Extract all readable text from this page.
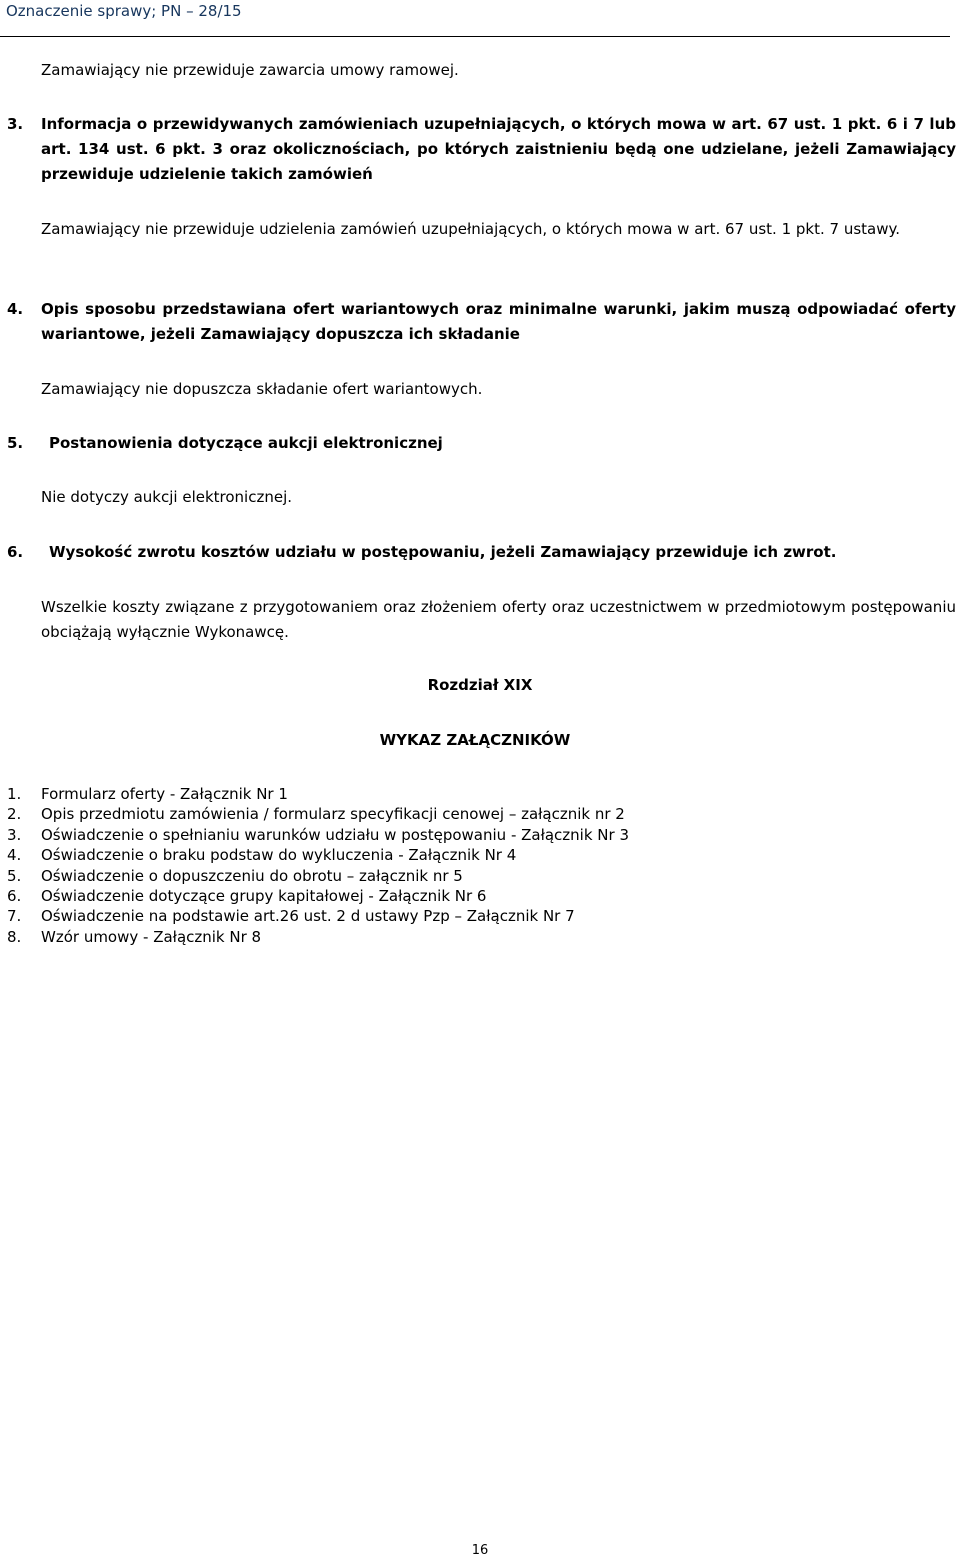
Oznaczenie sprawy; PN – 28/15

Zamawiający nie przewiduje zawarcia umowy ramowej.

3. Informacja o przewidywanych zamówieniach uzupełniających, o których mowa w art. 67 ust. 1 pkt. 6 i 7 lub art. 134 ust. 6 pkt. 3 oraz okolicznościach, po których zaistnieniu będą one udzielane, jeżeli Zamawiający przewiduje udzielenie takich zamówień

Zamawiający nie przewiduje udzielenia zamówień uzupełniających, o których mowa w art. 67 ust. 1 pkt. 7 ustawy.

4. Opis sposobu przedstawiana ofert wariantowych oraz minimalne warunki, jakim muszą odpowiadać oferty wariantowe, jeżeli Zamawiający dopuszcza ich składanie

Zamawiający nie dopuszcza składanie ofert wariantowych.

5. Postanowienia dotyczące aukcji elektronicznej

Nie dotyczy aukcji elektronicznej.

6. Wysokość zwrotu kosztów udziału w postępowaniu, jeżeli Zamawiający przewiduje ich zwrot.

Wszelkie koszty związane z przygotowaniem oraz złożeniem oferty oraz uczestnictwem w przedmiotowym postępowaniu obciążają wyłącznie Wykonawcę.

Rozdział XIX
WYKAZ ZAŁĄCZNIKÓW
1. Formularz oferty - Załącznik Nr 1
2. Opis przedmiotu zamówienia / formularz specyfikacji cenowej – załącznik nr 2
3. Oświadczenie o spełnianiu warunków udziału w postępowaniu - Załącznik Nr 3
4. Oświadczenie o braku podstaw do wykluczenia - Załącznik Nr 4
5. Oświadczenie o dopuszczeniu do obrotu – załącznik nr 5
6. Oświadczenie dotyczące grupy kapitałowej - Załącznik Nr 6
7. Oświadczenie na podstawie art.26 ust. 2 d ustawy Pzp – Załącznik Nr 7
8. Wzór umowy - Załącznik Nr 8
16
